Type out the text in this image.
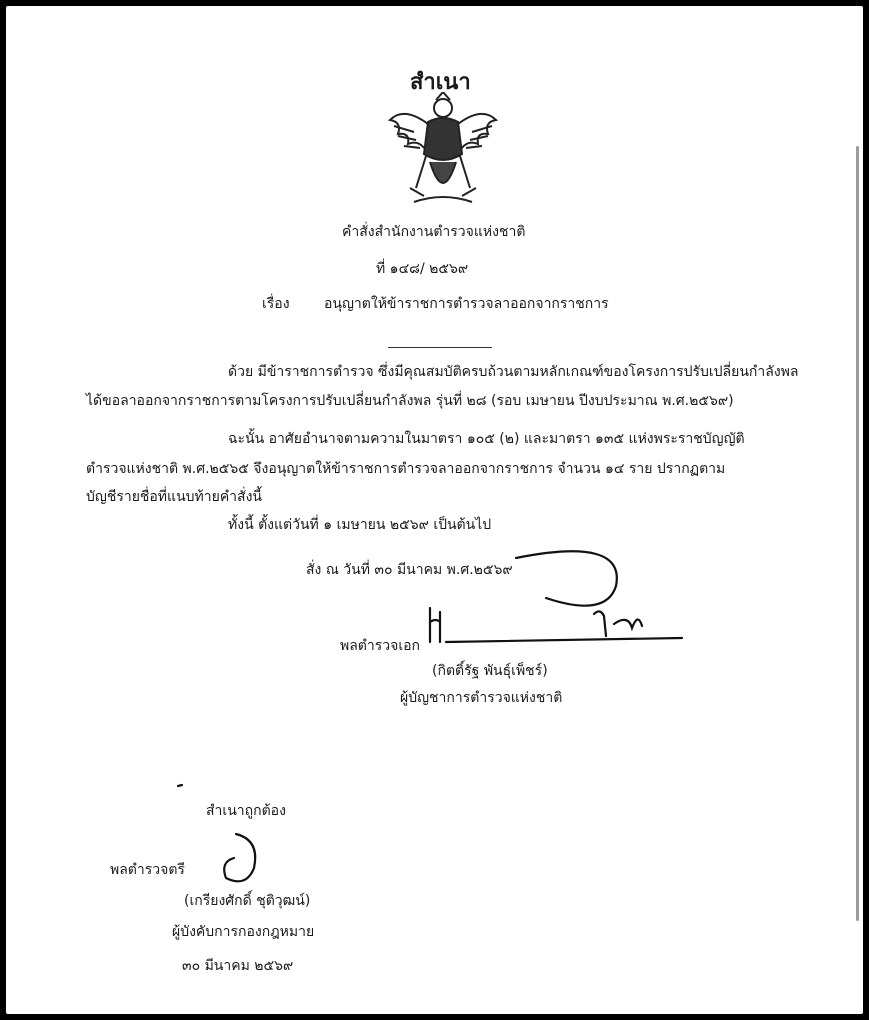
สำเนา
คำสั่งสำนักงานตำรวจแห่งชาติ
ที่ ๑๔๘/ ๒๕๖๙
เรื่อง อนุญาตให้ข้าราชการตำรวจลาออกจากราชการ
ด้วย มีข้าราชการตำรวจ ซึ่งมีคุณสมบัติครบถ้วนตามหลักเกณฑ์ของโครงการปรับเปลี่ยนกำลังพล
ได้ขอลาออกจากราชการตามโครงการปรับเปลี่ยนกำลังพล รุ่นที่ ๒๘ (รอบ เมษายน ปีงบประมาณ พ.ศ.๒๕๖๙)
ฉะนั้น อาศัยอำนาจตามความในมาตรา ๑๐๕ (๒) และมาตรา ๑๓๕ แห่งพระราชบัญญัติ
ตำรวจแห่งชาติ พ.ศ.๒๕๖๕ จึงอนุญาตให้ข้าราชการตำรวจลาออกจากราชการ จำนวน ๑๔ ราย ปรากฏตาม
บัญชีรายชื่อที่แนบท้ายคำสั่งนี้
ทั้งนี้ ตั้งแต่วันที่ ๑ เมษายน ๒๕๖๙ เป็นต้นไป
สั่ง ณ วันที่ ๓๐ มีนาคม พ.ศ.๒๕๖๙
พลตำรวจเอก
(กิตติ์รัฐ พันธุ์เพ็ชร์)
ผู้บัญชาการตำรวจแห่งชาติ
สำเนาถูกต้อง
พลตำรวจตรี
(เกรียงศักดิ์ ชุติวุฒน์)
ผู้บังคับการกองกฎหมาย
๓๐ มีนาคม ๒๕๖๙
